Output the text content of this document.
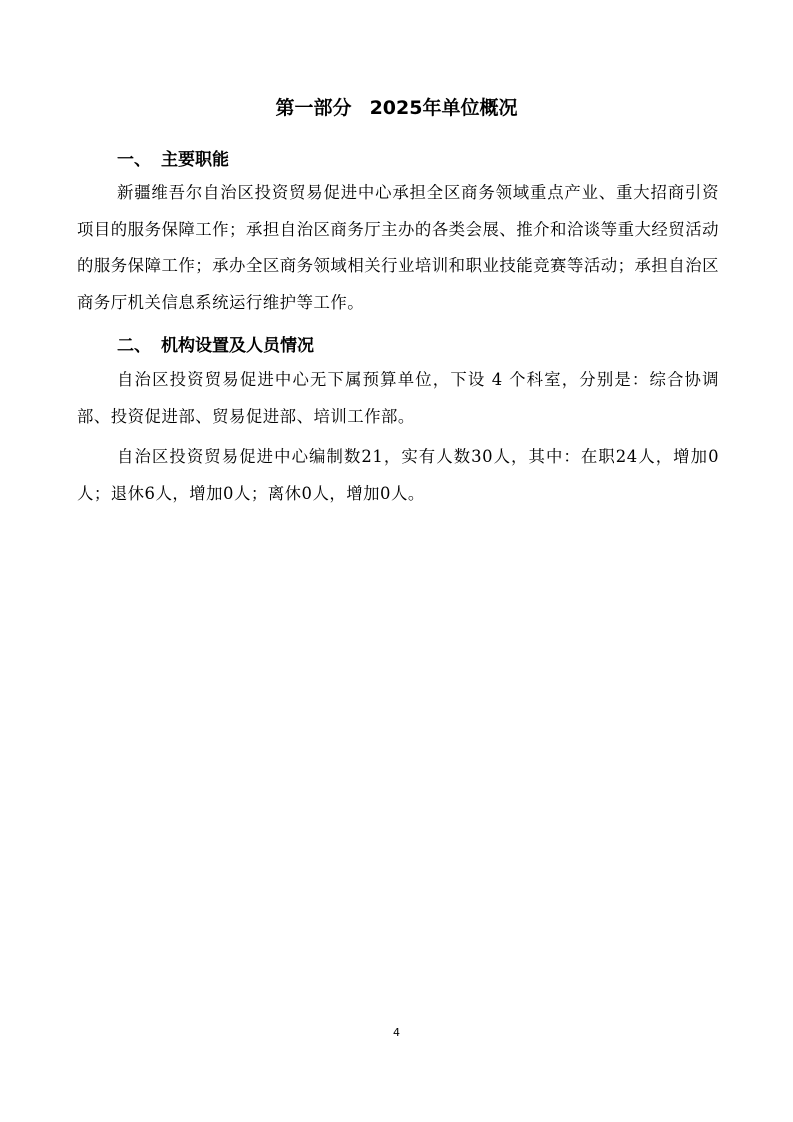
第一部分 2025年单位概况
一、 主要职能

新疆维吾尔自治区投资贸易促进中心承担全区商务领域重点产业、重大招商引资项目的服务保障工作；承担自治区商务厅主办的各类会展、推介和洽谈等重大经贸活动的服务保障工作；承办全区商务领域相关行业培训和职业技能竞赛等活动；承担自治区商务厅机关信息系统运行维护等工作。

二、 机构设置及人员情况

自治区投资贸易促进中心无下属预算单位，下设 4 个科室，分别是：综合协调部、投资促进部、贸易促进部、培训工作部。

自治区投资贸易促进中心编制数21，实有人数30人，其中：在职24人，增加0人；退休6人，增加0人；离休0人，增加0人。

4
